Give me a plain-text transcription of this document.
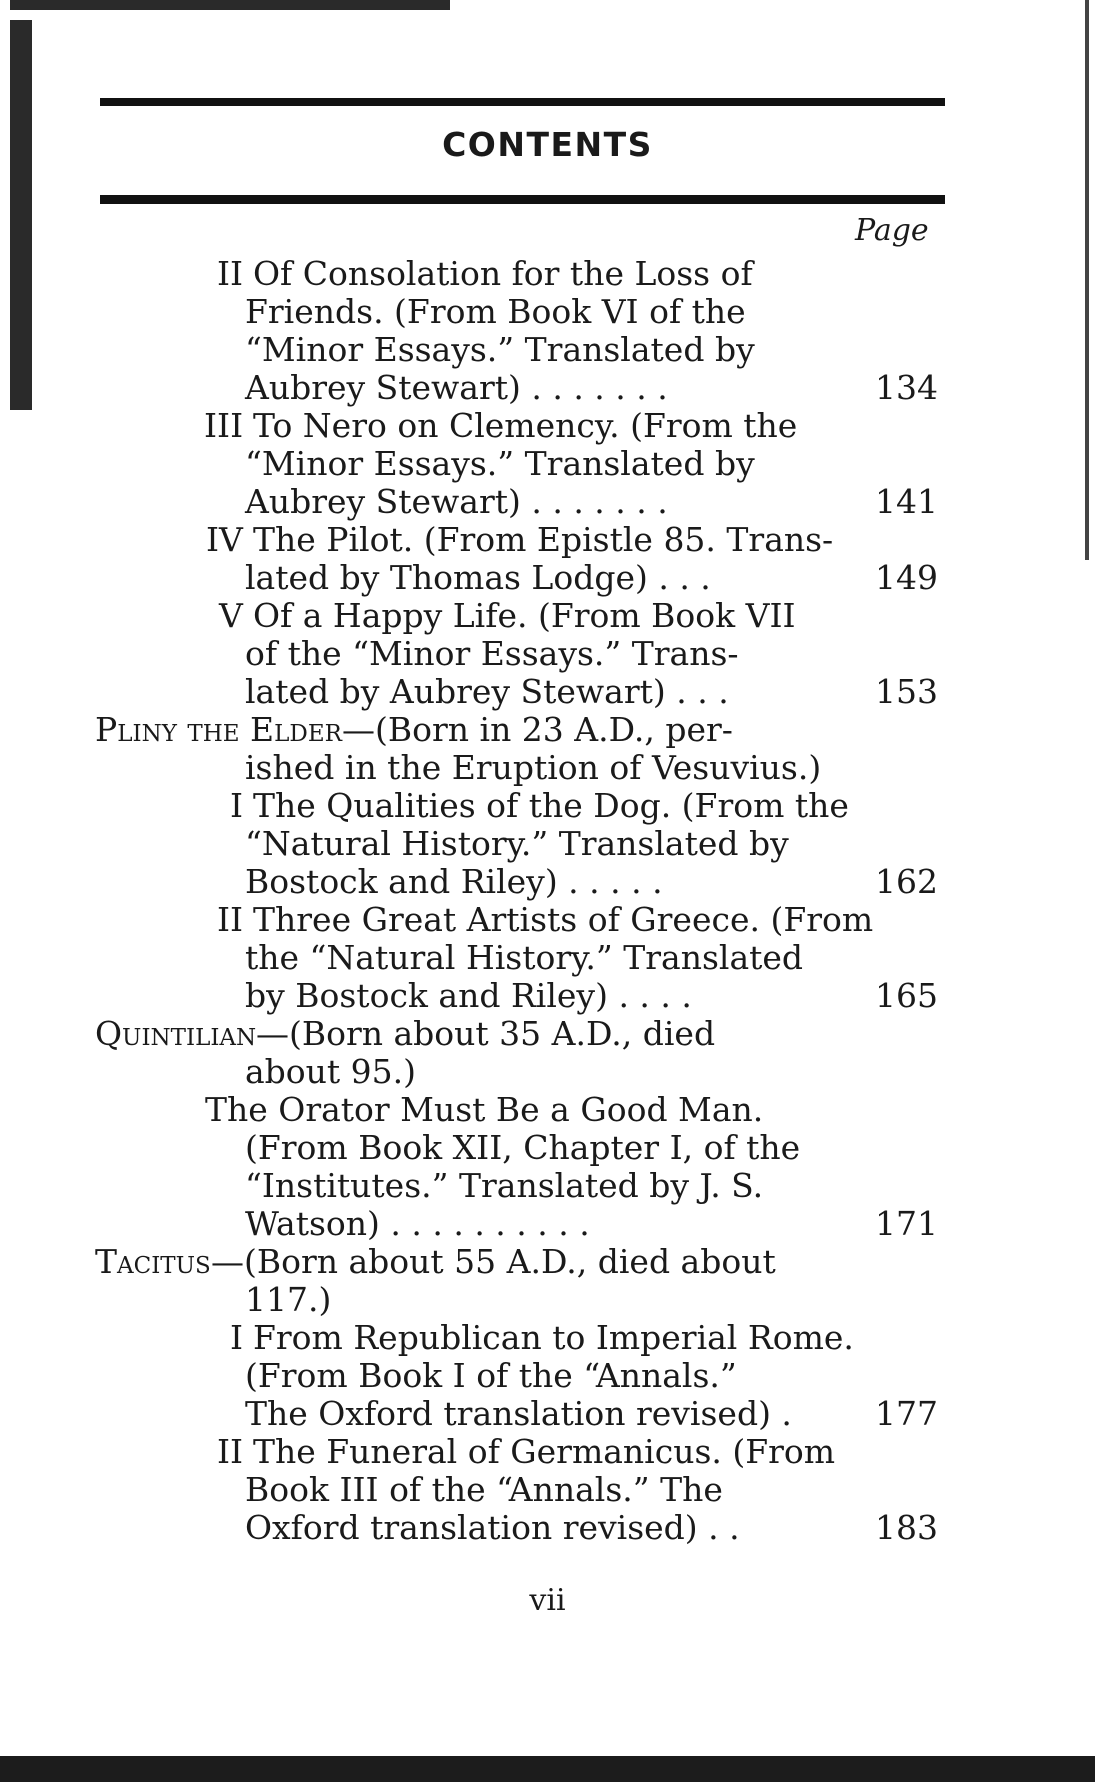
CONTENTS
Page
II Of Consolation for the Loss of
Friends. (From Book VI of the
“Minor Essays.” Translated by
Aubrey Stewart) . . . . . . .	134
III To Nero on Clemency. (From the
“Minor Essays.” Translated by
Aubrey Stewart) . . . . . . .	141
IV The Pilot. (From Epistle 85. Trans-
lated by Thomas Lodge) . . .	149
V Of a Happy Life. (From Book VII
of the “Minor Essays.” Trans-
lated by Aubrey Stewart) . . .	153
Pliny the Elder —(Born in 23 A.D., per-
ished in the Eruption of Vesuvius.)
I The Qualities of the Dog. (From the
“Natural History.” Translated by
Bostock and Riley) . . . . .	162
II Three Great Artists of Greece. (From
the “Natural History.” Translated
by Bostock and Riley) . . . .	165
Quintilian —(Born about 35 A.D., died
about 95.)
The Orator Must Be a Good Man.
(From Book XII, Chapter I, of the
“Institutes.” Translated by J. S.
Watson) . . . . . . . . . .	171
Tacitus —(Born about 55 A.D., died about
117.)
I From Republican to Imperial Rome.
(From Book I of the “Annals.”
The Oxford translation revised) .	177
II The Funeral of Germanicus. (From
Book III of the “Annals.” The
Oxford translation revised) . .	183
vii
